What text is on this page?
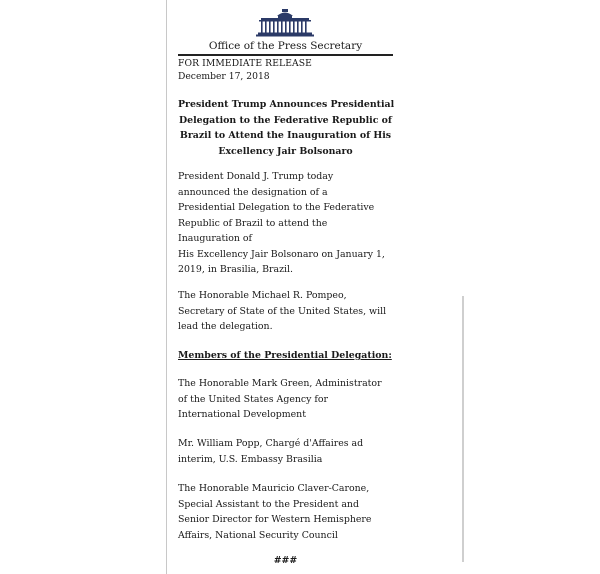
Office of the Press Secretary
FOR IMMEDIATE RELEASE
December 17, 2018
President Trump Announces Presidential
Delegation to the Federative Republic of
Brazil to Attend the Inauguration of His
Excellency Jair Bolsonaro
President Donald J. Trump today
announced the designation of a
Presidential Delegation to the Federative
Republic of Brazil to attend the
Inauguration of
His Excellency Jair Bolsonaro on January 1,
2019, in Brasilia, Brazil.
The Honorable Michael R. Pompeo,
Secretary of State of the United States, will
lead the delegation.
Members of the Presidential Delegation:
The Honorable Mark Green, Administrator
of the United States Agency for
International Development
Mr. William Popp, Chargé d'Affaires ad
interim, U.S. Embassy Brasilia
The Honorable Mauricio Claver-Carone,
Special Assistant to the President and
Senior Director for Western Hemisphere
Affairs, National Security Council
###
